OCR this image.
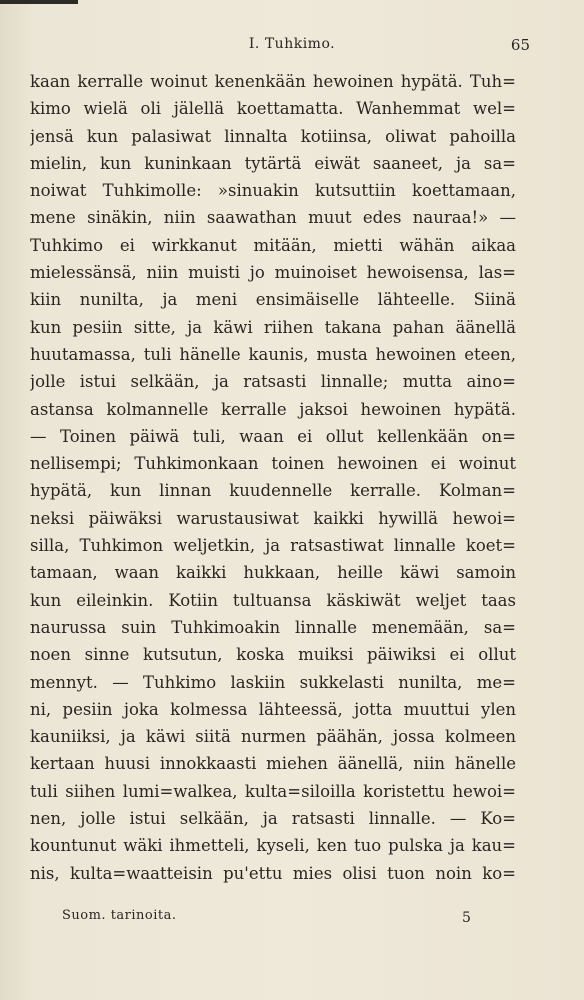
I. Tuhkimo.	65
kaan kerralle woinut kenenkään hewoinen hypätä. Tuh=
kimo wielä oli jälellä koettamatta. Wanhemmat wel=
jensä kun palasiwat linnalta kotiinsa, oliwat pahoilla
mielin, kun kuninkaan tytärtä eiwät saaneet, ja sa=
noiwat Tuhkimolle: »sinuakin kutsuttiin koettamaan,
mene sinäkin, niin saawathan muut edes nauraa!» —
Tuhkimo ei wirkkanut mitään, mietti wähän aikaa
mielessänsä, niin muisti jo muinoiset hewoisensa, las=
kiin nunilta, ja meni ensimäiselle lähteelle. Siinä
kun pesiin sitte, ja käwi riihen takana pahan äänellä
huutamassa, tuli hänelle kaunis, musta hewoinen eteen,
jolle istui selkään, ja ratsasti linnalle; mutta aino=
astansa kolmannelle kerralle jaksoi hewoinen hypätä.
— Toinen päiwä tuli, waan ei ollut kellenkään on=
nellisempi; Tuhkimonkaan toinen hewoinen ei woinut
hypätä, kun linnan kuudennelle kerralle. Kolman=
neksi päiwäksi warustausiwat kaikki hywillä hewoi=
silla, Tuhkimon weljetkin, ja ratsastiwat linnalle koet=
tamaan, waan kaikki hukkaan, heille käwi samoin
kun eileinkin. Kotiin tultuansa käskiwät weljet taas
naurussa suin Tuhkimoakin linnalle menemään, sa=
noen sinne kutsutun, koska muiksi päiwiksi ei ollut
mennyt. — Tuhkimo laskiin sukkelasti nunilta, me=
ni, pesiin joka kolmessa lähteessä, jotta muuttui ylen
kauniiksi, ja käwi siitä nurmen päähän, jossa kolmeen
kertaan huusi innokkaasti miehen äänellä, niin hänelle
tuli siihen lumi=walkea, kulta=siloilla koristettu hewoi=
nen, jolle istui selkään, ja ratsasti linnalle. — Ko=
kountunut wäki ihmetteli, kyseli, ken tuo pulska ja kau=
nis, kulta=waatteisin pu'ettu mies olisi tuon noin ko=
Suom. tarinoita.	5
